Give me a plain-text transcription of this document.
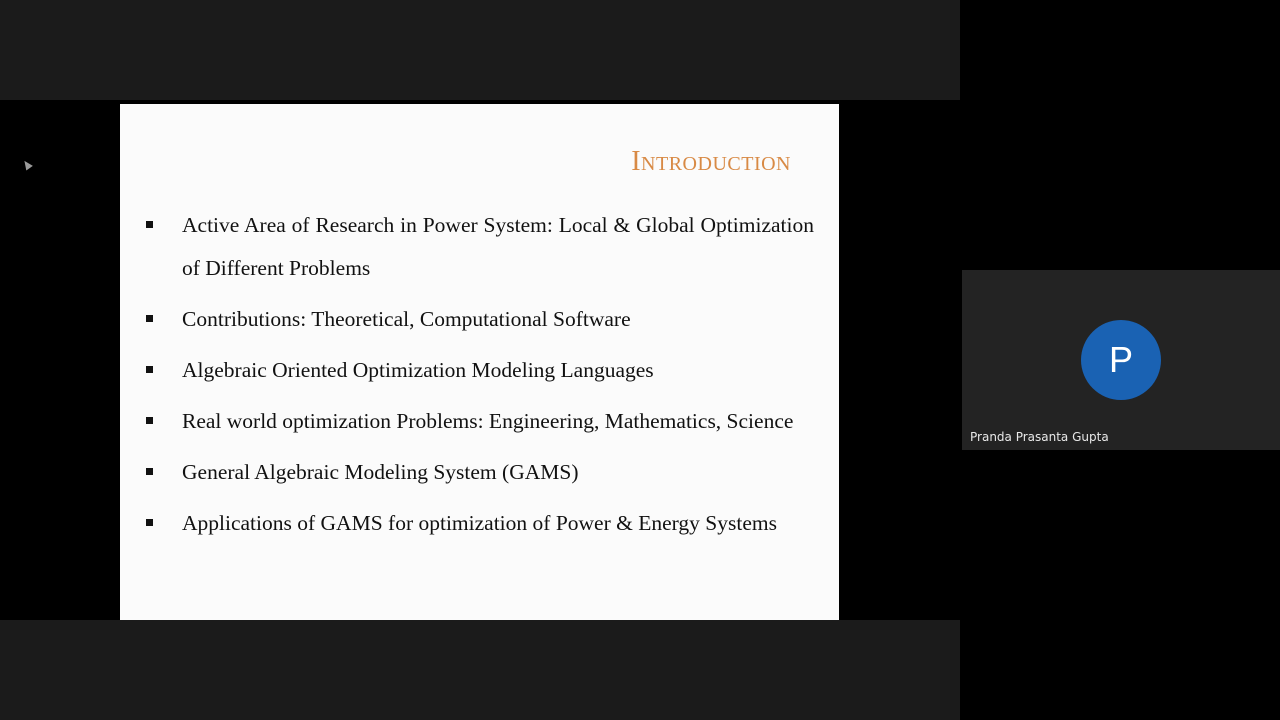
Introduction
Active Area of Research in Power System: Local & Global Optimization of Different Problems
Contributions: Theoretical, Computational Software
Algebraic Oriented Optimization Modeling Languages
Real world optimization Problems: Engineering, Mathematics, Science
General Algebraic Modeling System (GAMS)
Applications of GAMS for optimization of Power & Energy Systems
P
Pranda Prasanta Gupta
